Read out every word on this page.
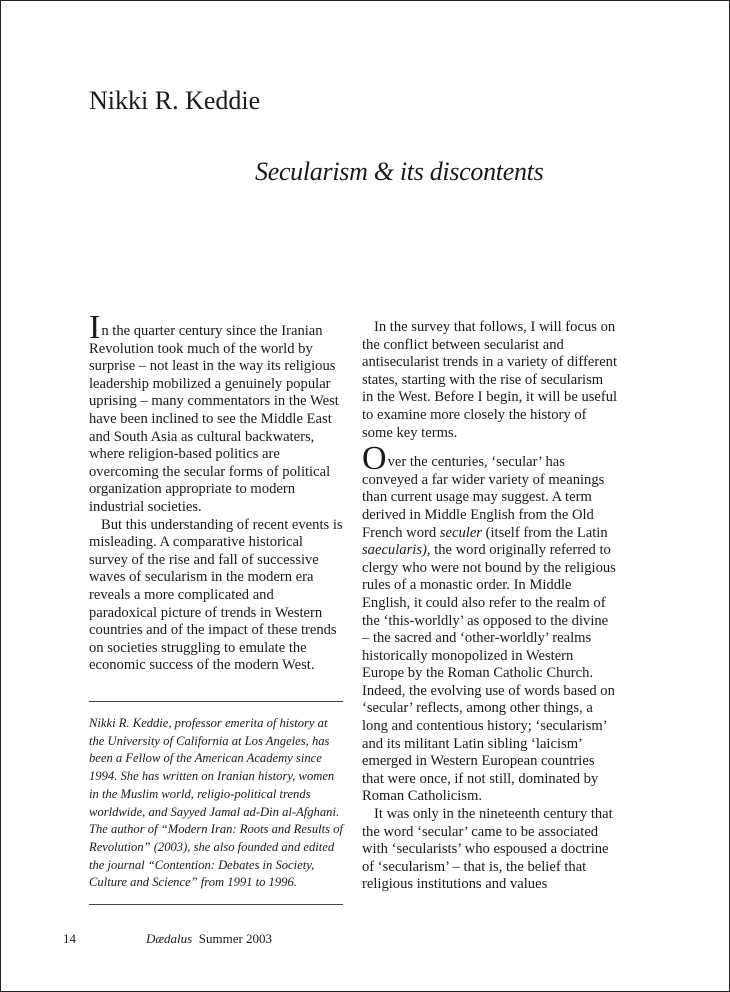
Nikki R. Keddie
Secularism & its discontents

In the quarter century since the Iranian Revolution took much of the world by surprise – not least in the way its religious leadership mobilized a genuinely popular uprising – many commentators in the West have been inclined to see the Middle East and South Asia as cultural backwaters, where religion-based politics are overcoming the secular forms of political organization appropriate to modern industrial societies.

But this understanding of recent events is misleading. A comparative historical survey of the rise and fall of successive waves of secularism in the modern era reveals a more complicated and paradoxical picture of trends in Western countries and of the impact of these trends on societies struggling to emulate the economic success of the modern West.

Nikki R. Keddie, professor emerita of history at the University of California at Los Angeles, has been a Fellow of the American Academy since 1994. She has written on Iranian history, women in the Muslim world, religio-political trends worldwide, and Sayyed Jamal ad-Din al-Afghani. The author of “Modern Iran: Roots and Results of Revolution” (2003), she also founded and edited the journal “Contention: Debates in Society, Culture and Science” from 1991 to 1996.

In the survey that follows, I will focus on the conflict between secularist and antisecularist trends in a variety of different states, starting with the rise of secularism in the West. Before I begin, it will be useful to examine more closely the history of some key terms.

Over the centuries, ‘secular’ has conveyed a far wider variety of meanings than current usage may suggest. A term derived in Middle English from the Old French word seculer (itself from the Latin saecularis), the word originally referred to clergy who were not bound by the religious rules of a monastic order. In Middle English, it could also refer to the realm of the ‘this-worldly’ as opposed to the divine – the sacred and ‘other-worldly’ realms historically monopolized in Western Europe by the Roman Catholic Church. Indeed, the evolving use of words based on ‘secular’ reflects, among other things, a long and contentious history; ‘secularism’ and its militant Latin sibling ‘laicism’ emerged in Western European countries that were once, if not still, dominated by Roman Catholicism.

It was only in the nineteenth century that the word ‘secular’ came to be associated with ‘secularists’ who espoused a doctrine of ‘secularism’ – that is, the belief that religious institutions and values

14	Dædalus Summer 2003
